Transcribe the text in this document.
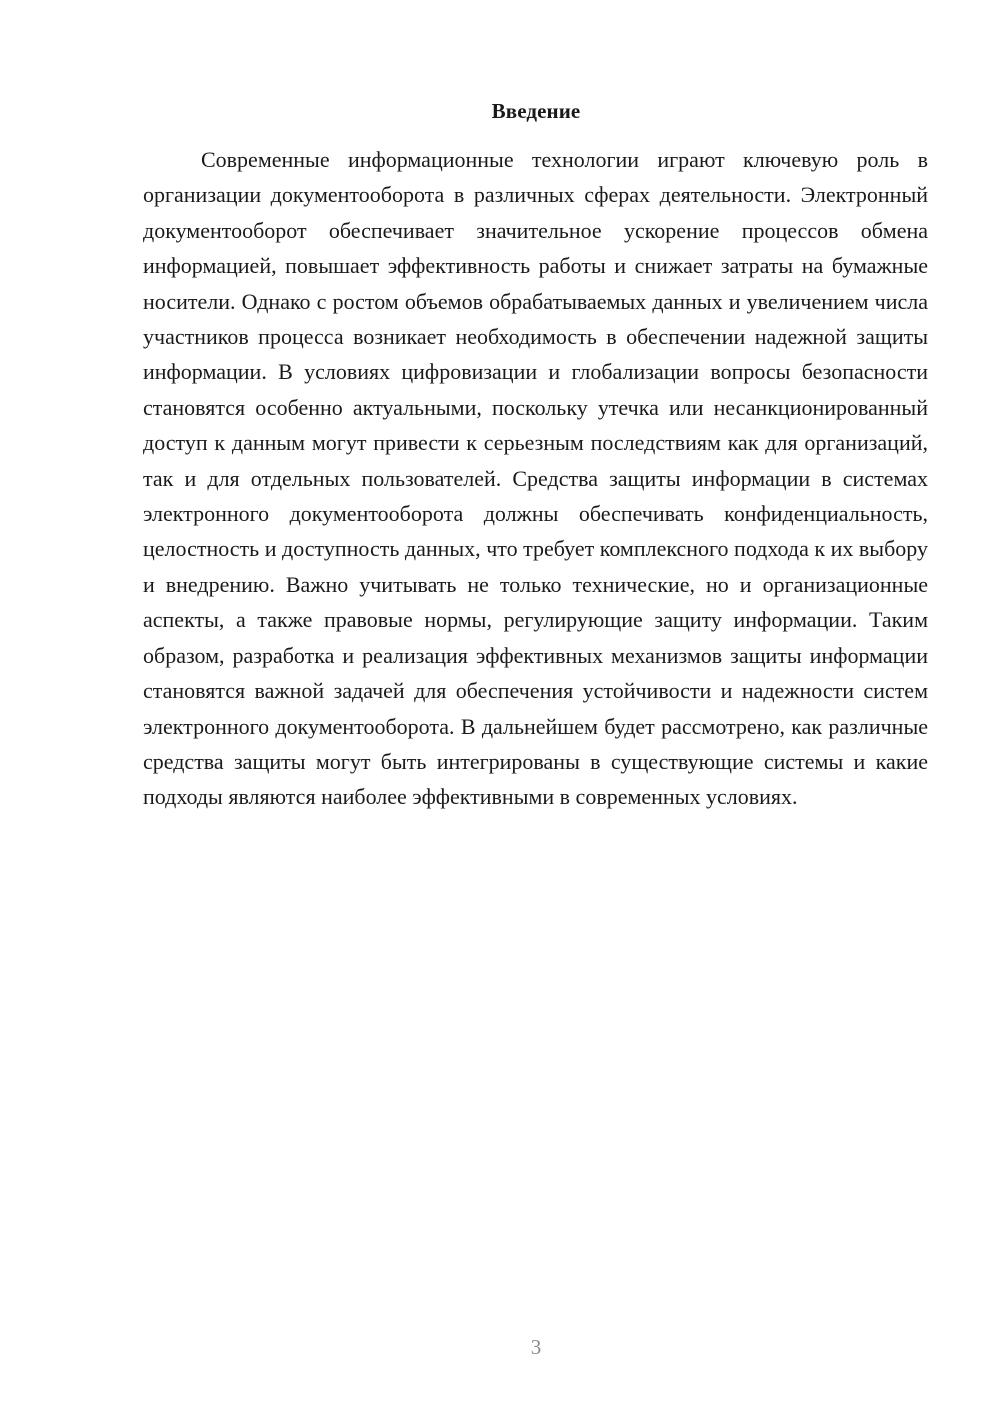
Введение

Современные информационные технологии играют ключевую роль в организации документооборота в различных сферах деятельности. Электронный документооборот обеспечивает значительное ускорение процессов обмена информацией, повышает эффективность работы и снижает затраты на бумажные носители. Однако с ростом объемов обрабатываемых данных и увеличением числа участников процесса возникает необходимость в обеспечении надежной защиты информации. В условиях цифровизации и глобализации вопросы безопасности становятся особенно актуальными, поскольку утечка или несанкционированный доступ к данным могут привести к серьезным последствиям как для организаций, так и для отдельных пользователей. Средства защиты информации в системах электронного документооборота должны обеспечивать конфиденциальность, целостность и доступность данных, что требует комплексного подхода к их выбору и внедрению. Важно учитывать не только технические, но и организационные аспекты, а также правовые нормы, регулирующие защиту информации. Таким образом, разработка и реализация эффективных механизмов защиты информации становятся важной задачей для обеспечения устойчивости и надежности систем электронного документооборота. В дальнейшем будет рассмотрено, как различные средства защиты могут быть интегрированы в существующие системы и какие подходы являются наиболее эффективными в современных условиях.

3
